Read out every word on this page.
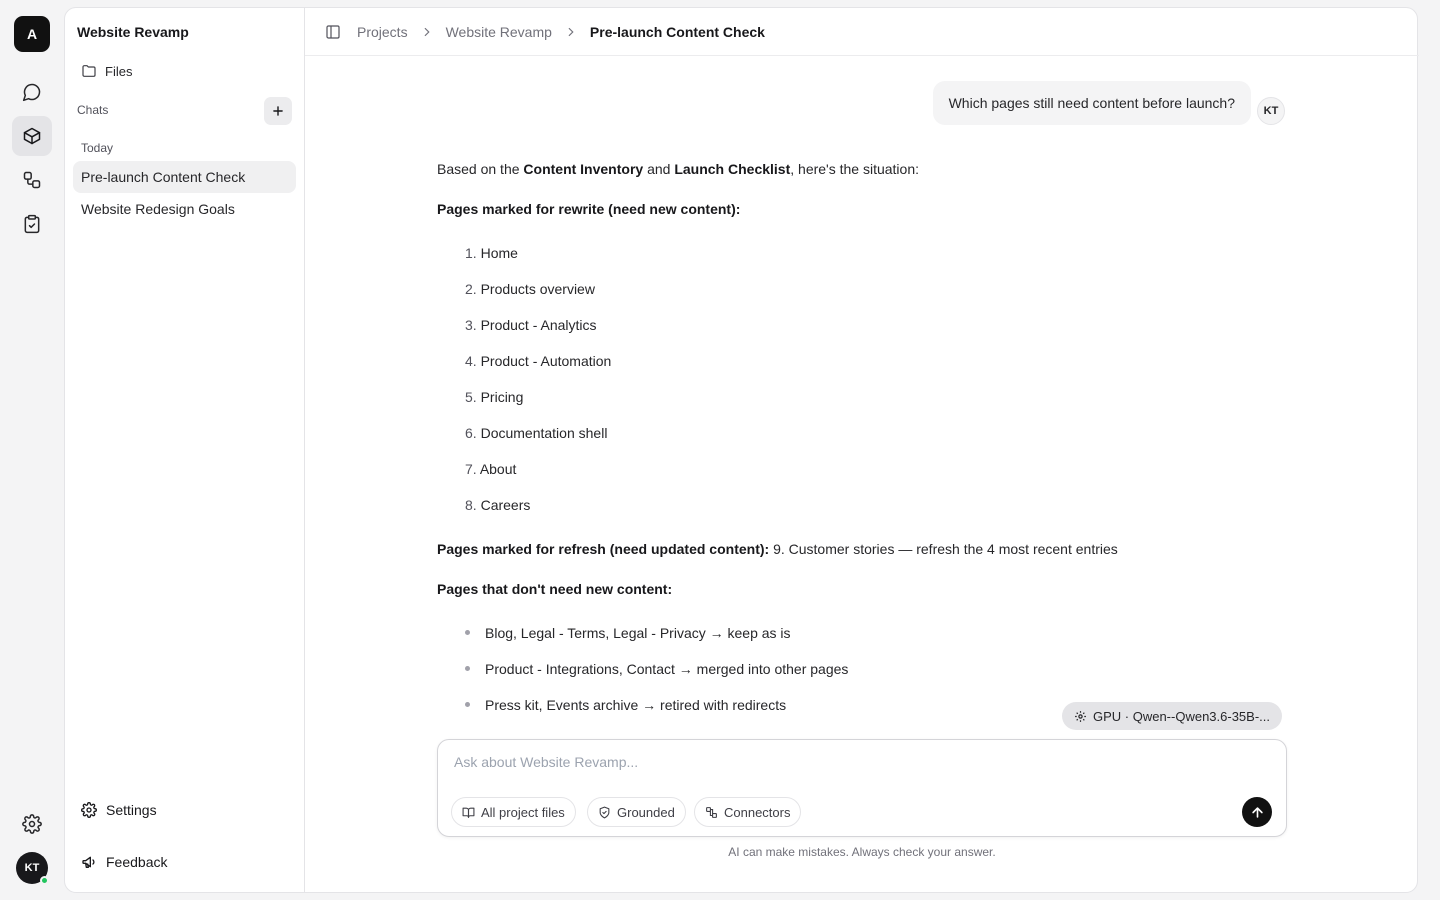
A
KT
Website Revamp
Files
Chats
Today
Pre-launch Content Check
Website Redesign Goals
Settings
Feedback
Projects	Website Revamp	Pre-launch Content Check
Which pages still need content before launch?	KT
Based on the Content Inventory and Launch Checklist, here's the situation:
Pages marked for rewrite (need new content):
1. Home
2. Products overview
3. Product - Analytics
4. Product - Automation
5. Pricing
6. Documentation shell
7. About
8. Careers
Pages marked for refresh (need updated content): 9. Customer stories — refresh the 4 most recent entries
Pages that don't need new content:
Blog, Legal - Terms, Legal - Privacy → keep as is
Product - Integrations, Contact → merged into other pages
Press kit, Events archive → retired with redirects
GPU · Qwen--Qwen3.6-35B-...
Ask about Website Revamp...
All project files	Grounded	Connectors
AI can make mistakes. Always check your answer.
